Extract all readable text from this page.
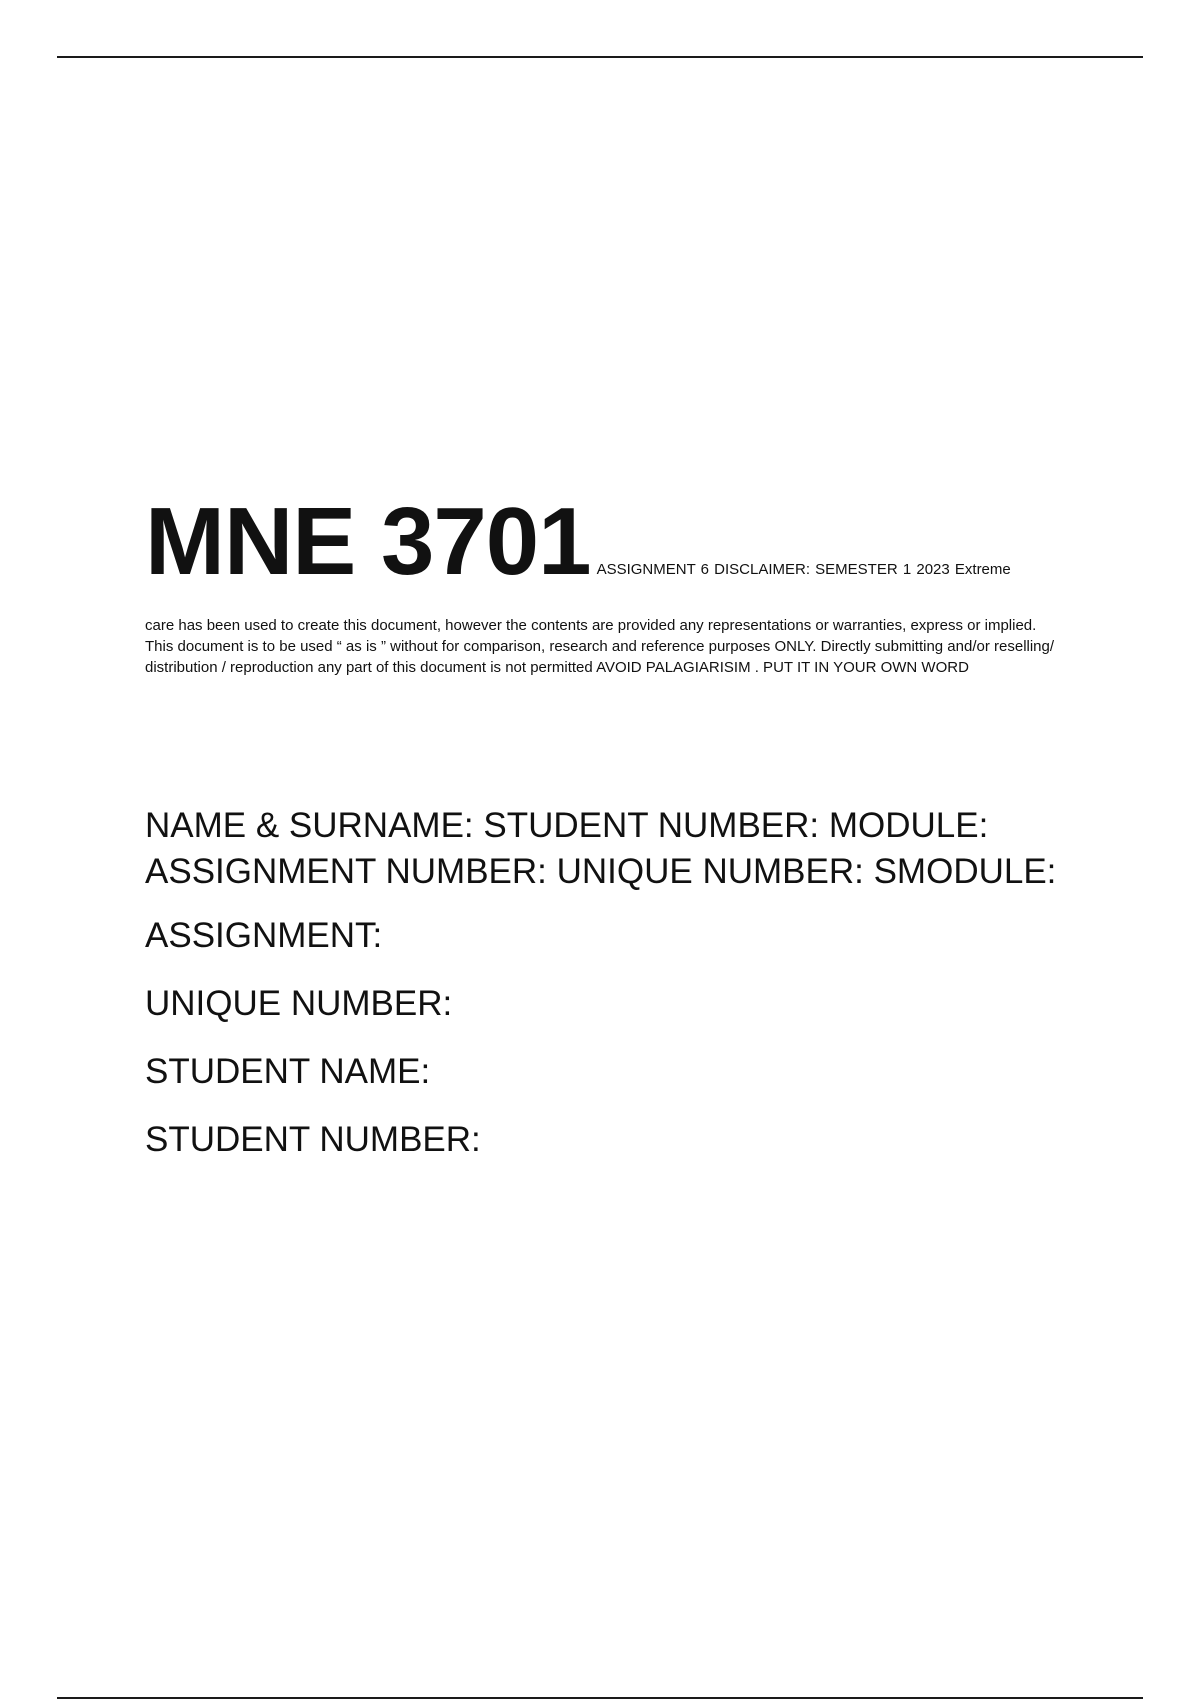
MNE 3701 ASSIGNMENT 6 DISCLAIMER: SEMESTER 1 2023 Extreme
care has been used to create this document, however the contents are provided any representations or warranties, express or implied. This document is to be used “ as is ” without for comparison, research and reference purposes ONLY. Directly submitting and/or reselling/ distribution / reproduction any part of this document is not permitted AVOID PALAGIARISIM . PUT IT IN YOUR OWN WORD

NAME & SURNAME: STUDENT NUMBER: MODULE: ASSIGNMENT NUMBER: UNIQUE NUMBER: SMODULE:

ASSIGNMENT:

UNIQUE NUMBER:

STUDENT NAME:

STUDENT NUMBER:
